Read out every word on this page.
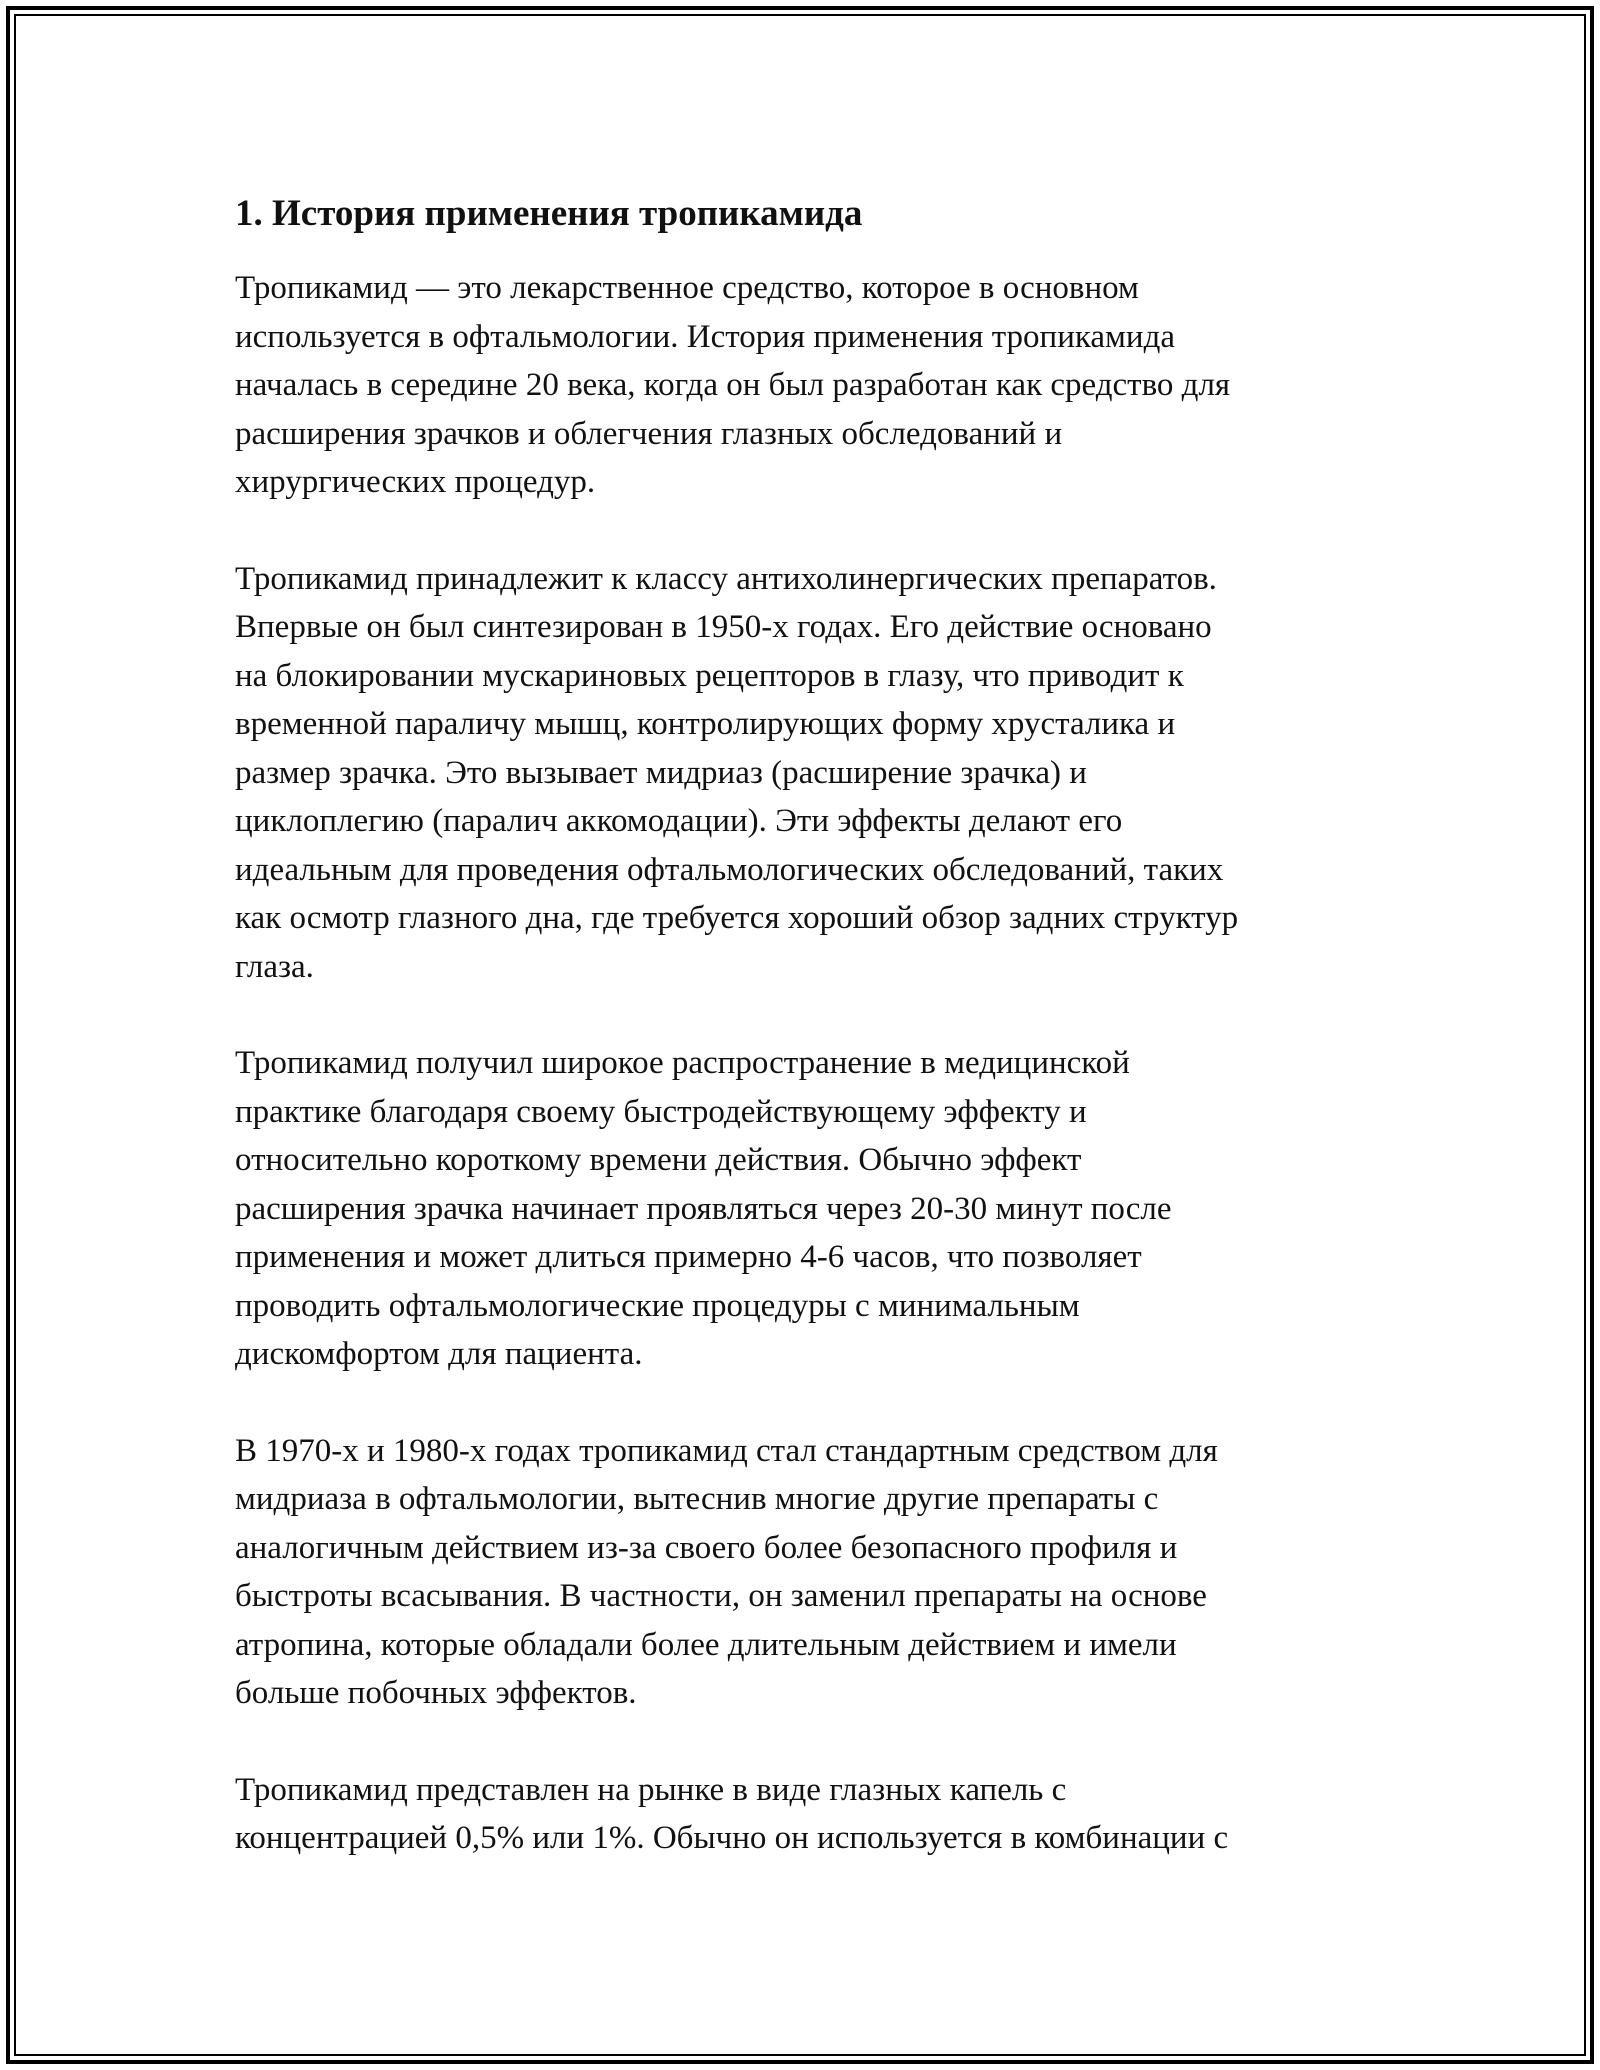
1. История применения тропикамида

Тропикамид — это лекарственное средство, которое в основном
используется в офтальмологии. История применения тропикамида
началась в середине 20 века, когда он был разработан как средство для
расширения зрачков и облегчения глазных обследований и
хирургических процедур.

Тропикамид принадлежит к классу антихолинергических препаратов.
Впервые он был синтезирован в 1950-х годах. Его действие основано
на блокировании мускариновых рецепторов в глазу, что приводит к
временной параличу мышц, контролирующих форму хрусталика и
размер зрачка. Это вызывает мидриаз (расширение зрачка) и
циклоплегию (паралич аккомодации). Эти эффекты делают его
идеальным для проведения офтальмологических обследований, таких
как осмотр глазного дна, где требуется хороший обзор задних структур
глаза.

Тропикамид получил широкое распространение в медицинской
практике благодаря своему быстродействующему эффекту и
относительно короткому времени действия. Обычно эффект
расширения зрачка начинает проявляться через 20-30 минут после
применения и может длиться примерно 4-6 часов, что позволяет
проводить офтальмологические процедуры с минимальным
дискомфортом для пациента.

В 1970-х и 1980-х годах тропикамид стал стандартным средством для
мидриаза в офтальмологии, вытеснив многие другие препараты с
аналогичным действием из-за своего более безопасного профиля и
быстроты всасывания. В частности, он заменил препараты на основе
атропина, которые обладали более длительным действием и имели
больше побочных эффектов.

Тропикамид представлен на рынке в виде глазных капель с
концентрацией 0,5% или 1%. Обычно он используется в комбинации с
